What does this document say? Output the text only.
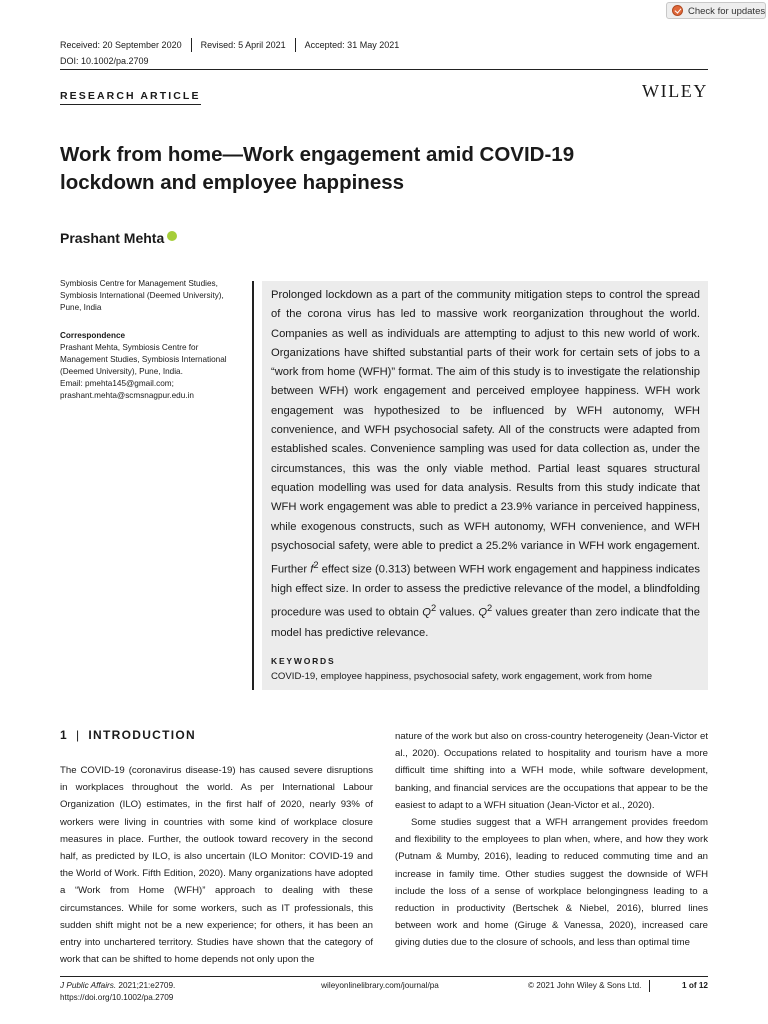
Check for updates
Received: 20 September 2020	Revised: 5 April 2021	Accepted: 31 May 2021
DOI: 10.1002/pa.2709
RESEARCH ARTICLE	WILEY
Work from home—Work engagement amid COVID-19
lockdown and employee happiness
Prashant Mehta
Symbiosis Centre for Management Studies, Symbiosis International (Deemed University), Pune, India
Correspondence
Prashant Mehta, Symbiosis Centre for Management Studies, Symbiosis International (Deemed University), Pune, India.
Email: pmehta145@gmail.com; prashant.mehta@scmsnagpur.edu.in
Prolonged lockdown as a part of the community mitigation steps to control the spread of the corona virus has led to massive work reorganization throughout the world. Companies as well as individuals are attempting to adjust to this new world of work. Organizations have shifted substantial parts of their work for certain sets of jobs to a “work from home (WFH)” format. The aim of this study is to investigate the relationship between WFH) work engagement and perceived employee happiness. WFH work engagement was hypothesized to be influenced by WFH autonomy, WFH convenience, and WFH psychosocial safety. All of the constructs were adapted from established scales. Convenience sampling was used for data collection as, under the circumstances, this was the only viable method. Partial least squares structural equation modelling was used for data analysis. Results from this study indicate that WFH work engagement was able to predict a 23.9% variance in perceived happiness, while exogenous constructs, such as WFH autonomy, WFH convenience, and WFH psychosocial safety, were able to predict a 25.2% variance in WFH work engagement. Further $f^2$ effect size (0.313) between WFH work engagement and happiness indicates high effect size. In order to assess the predictive relevance of the model, a blindfolding procedure was used to obtain $Q^2$ values. $Q^2$ values greater than zero indicate that the model has predictive relevance.
KEYWORDS
COVID-19, employee happiness, psychosocial safety, work engagement, work from home
1 | INTRODUCTION

The COVID-19 (coronavirus disease-19) has caused severe disruptions in workplaces throughout the world. As per International Labour Organization (ILO) estimates, in the first half of 2020, nearly 93% of workers were living in countries with some kind of workplace closure measures in place. Further, the outlook toward recovery in the second half, as predicted by ILO, is also uncertain (ILO Monitor: COVID-19 and the World of Work. Fifth Edition, 2020). Many organizations have adopted a “Work from Home (WFH)” approach to dealing with these circumstances. While for some workers, such as IT professionals, this sudden shift might not be a new experience; for others, it has been an entry into unchartered territory. Studies have shown that the category of work that can be shifted to home depends not only upon the

nature of the work but also on cross-country heterogeneity (Jean-Victor et al., 2020). Occupations related to hospitality and tourism have a more difficult time shifting into a WFH mode, while software development, banking, and financial services are the occupations that appear to be the easiest to adapt to a WFH situation (Jean-Victor et al., 2020).

Some studies suggest that a WFH arrangement provides freedom and flexibility to the employees to plan when, where, and how they work (Putnam & Mumby, 2016), leading to reduced commuting time and an increase in family time. Other studies suggest the downside of WFH include the loss of a sense of workplace belongingness leading to a reduction in productivity (Bertschek & Niebel, 2016), blurred lines between work and home (Giruge & Vanessa, 2020), increased care giving duties due to the closure of schools, and less than optimal time

J Public Affairs. 2021;21:e2709.
https://doi.org/10.1002/pa.2709
wileyonlinelibrary.com/journal/pa	© 2021 John Wiley & Sons Ltd.	1 of 12
